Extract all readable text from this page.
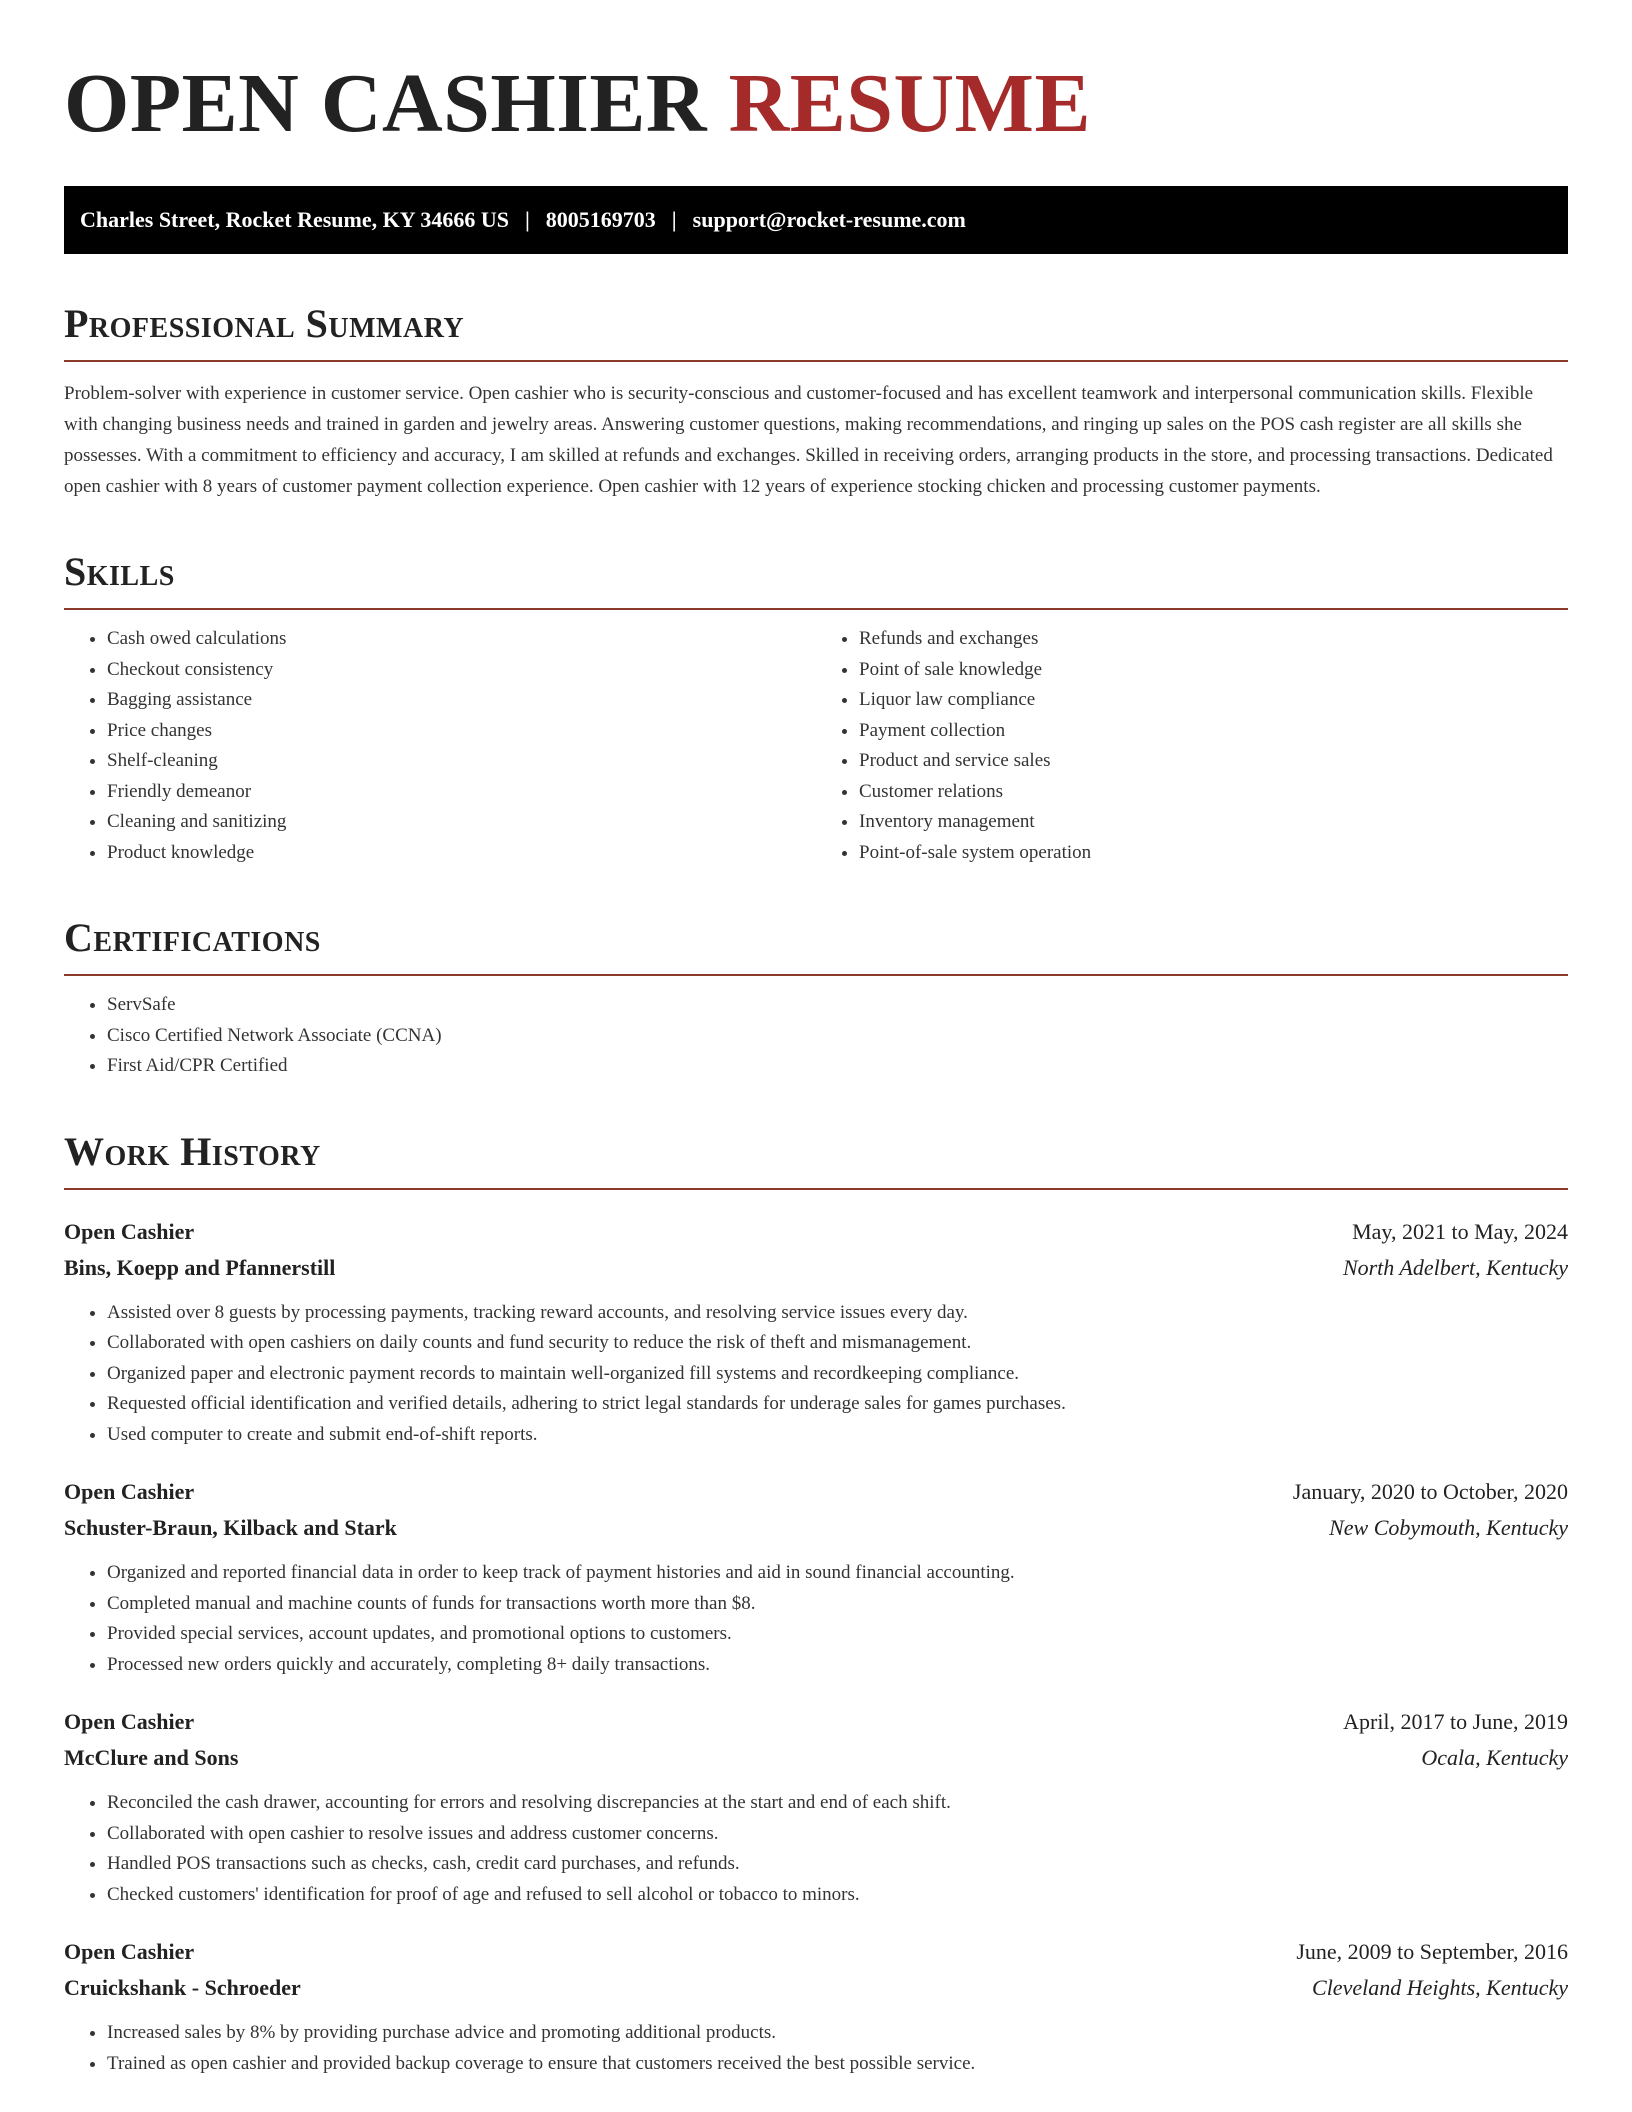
OPEN CASHIER RESUME
Charles Street, Rocket Resume, KY 34666 US | 8005169703 | support@rocket-resume.com
Professional Summary

Problem-solver with experience in customer service. Open cashier who is security-conscious and customer-focused and has excellent teamwork and interpersonal communication skills. Flexible with changing business needs and trained in garden and jewelry areas. Answering customer questions, making recommendations, and ringing up sales on the POS cash register are all skills she possesses. With a commitment to efficiency and accuracy, I am skilled at refunds and exchanges. Skilled in receiving orders, arranging products in the store, and processing transactions. Dedicated open cashier with 8 years of customer payment collection experience. Open cashier with 12 years of experience stocking chicken and processing customer payments.

Skills
• Cash owed calculations
• Checkout consistency
• Bagging assistance
• Price changes
• Shelf-cleaning
• Friendly demeanor
• Cleaning and sanitizing
• Product knowledge
• Refunds and exchanges
• Point of sale knowledge
• Liquor law compliance
• Payment collection
• Product and service sales
• Customer relations
• Inventory management
• Point-of-sale system operation
Certifications
• ServSafe
• Cisco Certified Network Associate (CCNA)
• First Aid/CPR Certified
Work History
Open Cashier	May, 2021 to May, 2024
Bins, Koepp and Pfannerstill	North Adelbert, Kentucky
• Assisted over 8 guests by processing payments, tracking reward accounts, and resolving service issues every day.
• Collaborated with open cashiers on daily counts and fund security to reduce the risk of theft and mismanagement.
• Organized paper and electronic payment records to maintain well-organized fill systems and recordkeeping compliance.
• Requested official identification and verified details, adhering to strict legal standards for underage sales for games purchases.
• Used computer to create and submit end-of-shift reports.
Open Cashier	January, 2020 to October, 2020
Schuster-Braun, Kilback and Stark	New Cobymouth, Kentucky
• Organized and reported financial data in order to keep track of payment histories and aid in sound financial accounting.
• Completed manual and machine counts of funds for transactions worth more than $8.
• Provided special services, account updates, and promotional options to customers.
• Processed new orders quickly and accurately, completing 8+ daily transactions.
Open Cashier	April, 2017 to June, 2019
McClure and Sons	Ocala, Kentucky
• Reconciled the cash drawer, accounting for errors and resolving discrepancies at the start and end of each shift.
• Collaborated with open cashier to resolve issues and address customer concerns.
• Handled POS transactions such as checks, cash, credit card purchases, and refunds.
• Checked customers' identification for proof of age and refused to sell alcohol or tobacco to minors.
Open Cashier	June, 2009 to September, 2016
Cruickshank - Schroeder	Cleveland Heights, Kentucky
• Increased sales by 8% by providing purchase advice and promoting additional products.
• Trained as open cashier and provided backup coverage to ensure that customers received the best possible service.
